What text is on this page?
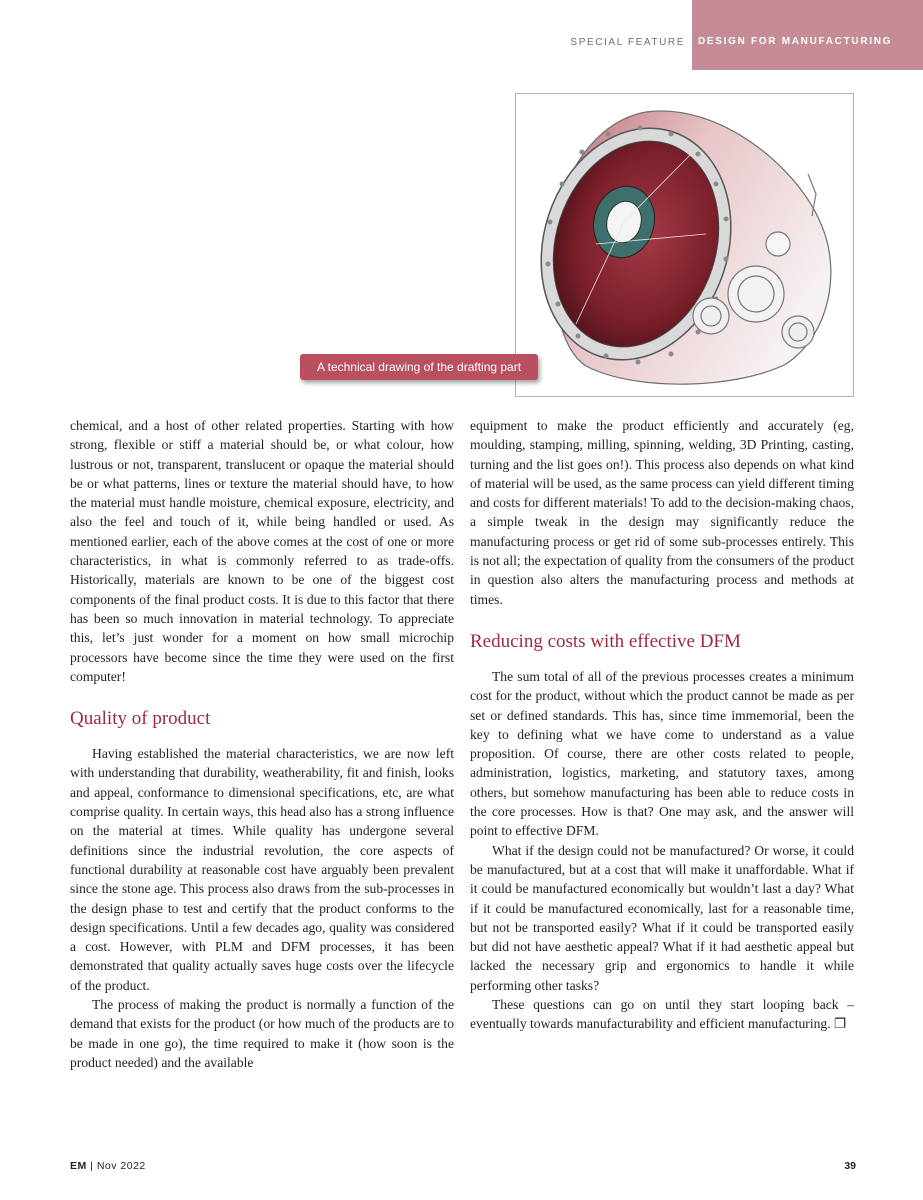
SPECIAL FEATURE DESIGN FOR MANUFACTURING
A technical drawing of the drafting part

chemical, and a host of other related properties. Starting with how strong, flexible or stiff a material should be, or what colour, how lustrous or not, transparent, translucent or opaque the material should be or what patterns, lines or texture the material should have, to how the material must handle moisture, chemical exposure, electricity, and also the feel and touch of it, while being handled or used. As mentioned earlier, each of the above comes at the cost of one or more characteristics, in what is commonly referred to as trade-offs. Historically, materials are known to be one of the biggest cost components of the final product costs. It is due to this factor that there has been so much innovation in material technology. To appreciate this, let’s just wonder for a moment on how small microchip processors have become since the time they were used on the first computer!

Quality of product

Having established the material characteristics, we are now left with understanding that durability, weatherability, fit and finish, looks and appeal, conformance to dimensional specifications, etc, are what comprise quality. In certain ways, this head also has a strong influence on the material at times. While quality has undergone several definitions since the industrial revolution, the core aspects of functional durability at reasonable cost have arguably been prevalent since the stone age. This process also draws from the sub-processes in the design phase to test and certify that the product conforms to the design specifications. Until a few decades ago, quality was considered a cost. However, with PLM and DFM processes, it has been demonstrated that quality actually saves huge costs over the lifecycle of the product.

The process of making the product is normally a function of the demand that exists for the product (or how much of the products are to be made in one go), the time required to make it (how soon is the product needed) and the available

equipment to make the product efficiently and accurately (eg, moulding, stamping, milling, spinning, welding, 3D Printing, casting, turning and the list goes on!). This process also depends on what kind of material will be used, as the same process can yield different timing and costs for different materials! To add to the decision-making chaos, a simple tweak in the design may significantly reduce the manufacturing process or get rid of some sub-processes entirely. This is not all; the expectation of quality from the consumers of the product in question also alters the manufacturing process and methods at times.

Reducing costs with effective DFM

The sum total of all of the previous processes creates a minimum cost for the product, without which the product cannot be made as per set or defined standards. This has, since time immemorial, been the key to defining what we have come to understand as a value proposition. Of course, there are other costs related to people, administration, logistics, marketing, and statutory taxes, among others, but somehow manufacturing has been able to reduce costs in the core processes. How is that? One may ask, and the answer will point to effective DFM.

What if the design could not be manufactured? Or worse, it could be manufactured, but at a cost that will make it unaffordable. What if it could be manufactured economically but wouldn’t last a day? What if it could be manufactured economically, last for a reasonable time, but not be transported easily? What if it could be transported easily but did not have aesthetic appeal? What if it had aesthetic appeal but lacked the necessary grip and ergonomics to handle it while performing other tasks?

These questions can go on until they start looping back – eventually towards manufacturability and efficient manufacturing. ❐

EM | Nov 2022	39
